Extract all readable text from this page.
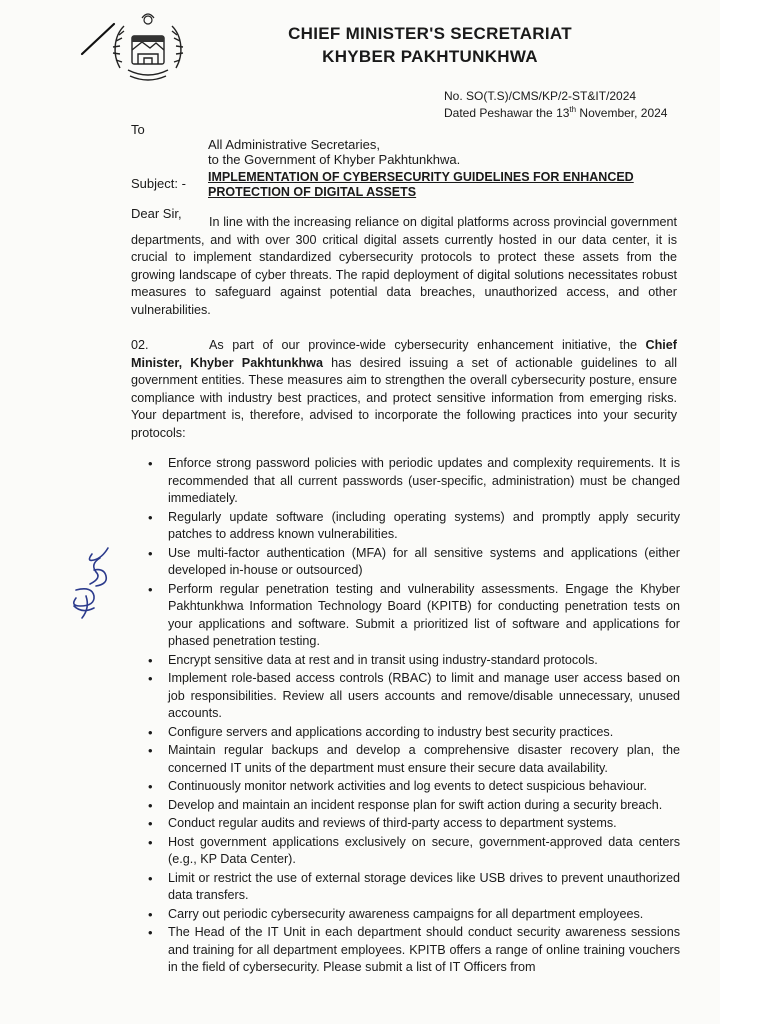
CHIEF MINISTER'S SECRETARIAT
KHYBER PAKHTUNKHWA
No. SO(T.S)/CMS/KP/2-ST&IT/2024
Dated Peshawar the 13th November, 2024
To
All Administrative Secretaries,
to the Government of Khyber Pakhtunkhwa.
Subject: - IMPLEMENTATION OF CYBERSECURITY GUIDELINES FOR ENHANCED PROTECTION OF DIGITAL ASSETS
Dear Sir,
In line with the increasing reliance on digital platforms across provincial government departments, and with over 300 critical digital assets currently hosted in our data center, it is crucial to implement standardized cybersecurity protocols to protect these assets from the growing landscape of cyber threats. The rapid deployment of digital solutions necessitates robust measures to safeguard against potential data breaches, unauthorized access, and other vulnerabilities.
02.	As part of our province-wide cybersecurity enhancement initiative, the Chief Minister, Khyber Pakhtunkhwa has desired issuing a set of actionable guidelines to all government entities. These measures aim to strengthen the overall cybersecurity posture, ensure compliance with industry best practices, and protect sensitive information from emerging risks. Your department is, therefore, advised to incorporate the following practices into your security protocols:
• Enforce strong password policies with periodic updates and complexity requirements. It is recommended that all current passwords (user-specific, administration) must be changed immediately.
• Regularly update software (including operating systems) and promptly apply security patches to address known vulnerabilities.
• Use multi-factor authentication (MFA) for all sensitive systems and applications (either developed in-house or outsourced)
• Perform regular penetration testing and vulnerability assessments. Engage the Khyber Pakhtunkhwa Information Technology Board (KPITB) for conducting penetration tests on your applications and software. Submit a prioritized list of software and applications for phased penetration testing.
• Encrypt sensitive data at rest and in transit using industry-standard protocols.
• Implement role-based access controls (RBAC) to limit and manage user access based on job responsibilities. Review all users accounts and remove/disable unnecessary, unused accounts.
• Configure servers and applications according to industry best security practices.
• Maintain regular backups and develop a comprehensive disaster recovery plan, the concerned IT units of the department must ensure their secure data availability.
• Continuously monitor network activities and log events to detect suspicious behaviour.
• Develop and maintain an incident response plan for swift action during a security breach.
• Conduct regular audits and reviews of third-party access to department systems.
• Host government applications exclusively on secure, government-approved data centers (e.g., KP Data Center).
• Limit or restrict the use of external storage devices like USB drives to prevent unauthorized data transfers.
• Carry out periodic cybersecurity awareness campaigns for all department employees.
• The Head of the IT Unit in each department should conduct security awareness sessions and training for all department employees. KPITB offers a range of online training vouchers in the field of cybersecurity. Please submit a list of IT Officers from
